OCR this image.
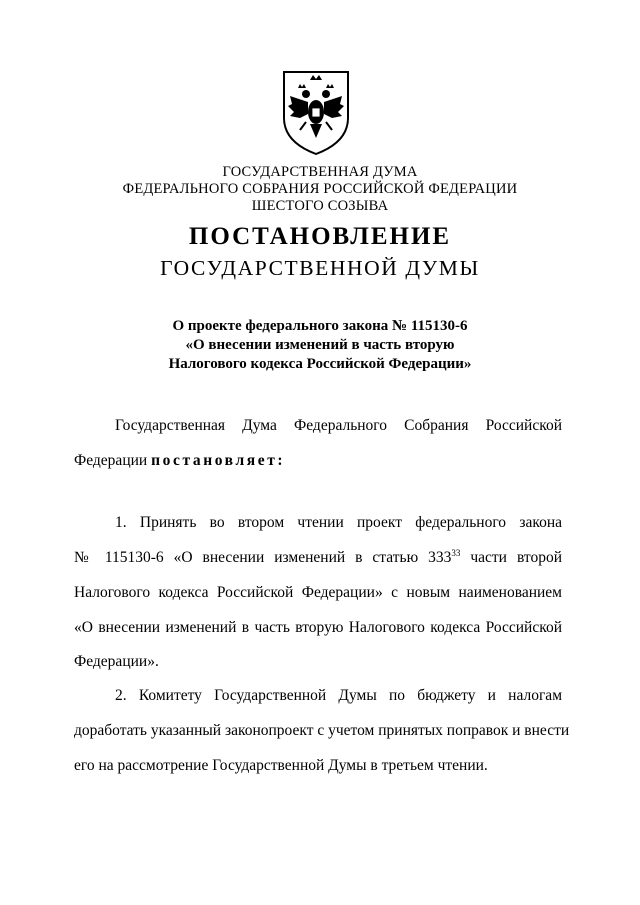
ГОСУДАРСТВЕННАЯ ДУМА
ФЕДЕРАЛЬНОГО СОБРАНИЯ РОССИЙСКОЙ ФЕДЕРАЦИИ
ШЕСТОГО СОЗЫВА
ПОСТАНОВЛЕНИЕ
ГОСУДАРСТВЕННОЙ ДУМЫ
О проекте федерального закона № 115130-6
«О внесении изменений в часть вторую
Налогового кодекса Российской Федерации»
Государственная Дума Федерального Собрания Российской
Федерации постановляет:
1. Принять во втором чтении проект федерального закона
№ 115130-6 «О внесении изменений в статью $333^{33}$ части второй
Налогового кодекса Российской Федерации» с новым наименованием
«О внесении изменений в часть вторую Налогового кодекса Российской
Федерации».
2. Комитету Государственной Думы по бюджету и налогам
доработать указанный законопроект с учетом принятых поправок и внести
его на рассмотрение Государственной Думы в третьем чтении.
